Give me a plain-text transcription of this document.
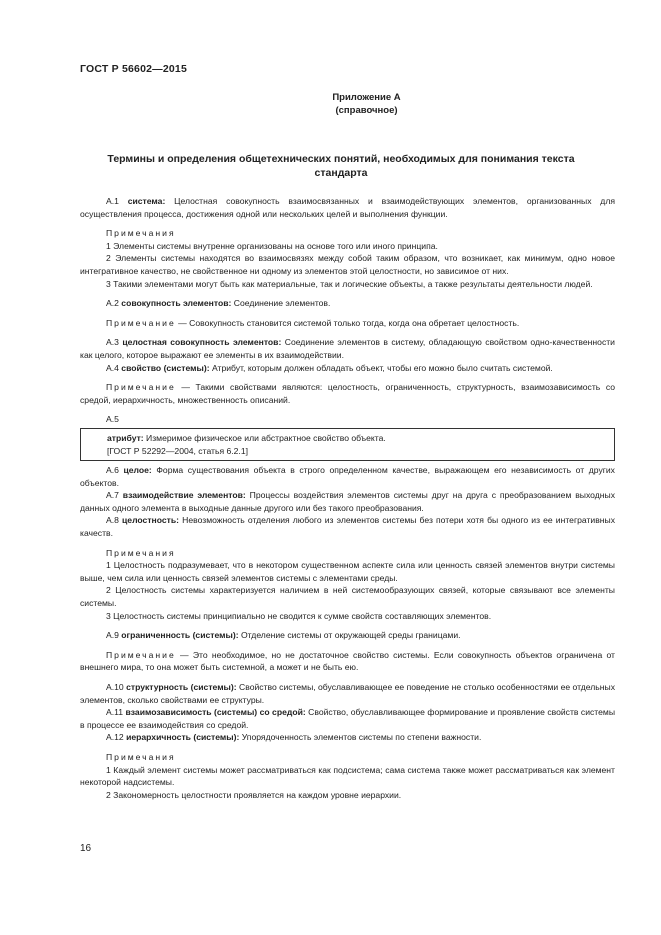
ГОСТ Р 56602—2015
Приложение А
(справочное)
Термины и определения общетехнических понятий, необходимых для понимания текста стандарта

А.1 система: Целостная совокупность взаимосвязанных и взаимодействующих элементов, организованных для осуществления процесса, достижения одной или нескольких целей и выполнения функции.

Примечания

1 Элементы системы внутренне организованы на основе того или иного принципа.

2 Элементы системы находятся во взаимосвязях между собой таким образом, что возникает, как минимум, одно новое интегративное качество, не свойственное ни одному из элементов этой целостности, но зависимое от них.

3 Такими элементами могут быть как материальные, так и логические объекты, а также результаты деятельности людей.

А.2 совокупность элементов: Соединение элементов.

Примечание — Совокупность становится системой только тогда, когда она обретает целостность.

А.3 целостная совокупность элементов: Соединение элементов в систему, обладающую свойством одно-качественности как целого, которое выражают ее элементы в их взаимодействии.

А.4 свойство (системы): Атрибут, которым должен обладать объект, чтобы его можно было считать системой.

Примечание — Такими свойствами являются: целостность, ограниченность, структурность, взаимозависимость со средой, иерархичность, множественность описаний.

А.5

атрибут: Измеримое физическое или абстрактное свойство объекта.

[ГОСТ Р 52292—2004, статья 6.2.1]

А.6 целое: Форма существования объекта в строго определенном качестве, выражающем его независимость от других объектов.

А.7 взаимодействие элементов: Процессы воздействия элементов системы друг на друга с преобразованием выходных данных одного элемента в выходные данные другого или без такого преобразования.

А.8 целостность: Невозможность отделения любого из элементов системы без потери хотя бы одного из ее интегративных качеств.

Примечания

1 Целостность подразумевает, что в некотором существенном аспекте сила или ценность связей элементов внутри системы выше, чем сила или ценность связей элементов системы с элементами среды.

2 Целостность системы характеризуется наличием в ней системообразующих связей, которые связывают все элементы системы.

3 Целостность системы принципиально не сводится к сумме свойств составляющих элементов.

А.9 ограниченность (системы): Отделение системы от окружающей среды границами.

Примечание — Это необходимое, но не достаточное свойство системы. Если совокупность объектов ограничена от внешнего мира, то она может быть системной, а может и не быть ею.

А.10 структурность (системы): Свойство системы, обуславливающее ее поведение не столько особенностями ее отдельных элементов, сколько свойствами ее структуры.

А.11 взаимозависимость (системы) со средой: Свойство, обуславливающее формирование и проявление свойств системы в процессе ее взаимодействия со средой.

А.12 иерархичность (системы): Упорядоченность элементов системы по степени важности.

Примечания

1 Каждый элемент системы может рассматриваться как подсистема; сама система также может рассматриваться как элемент некоторой надсистемы.

2 Закономерность целостности проявляется на каждом уровне иерархии.

16
